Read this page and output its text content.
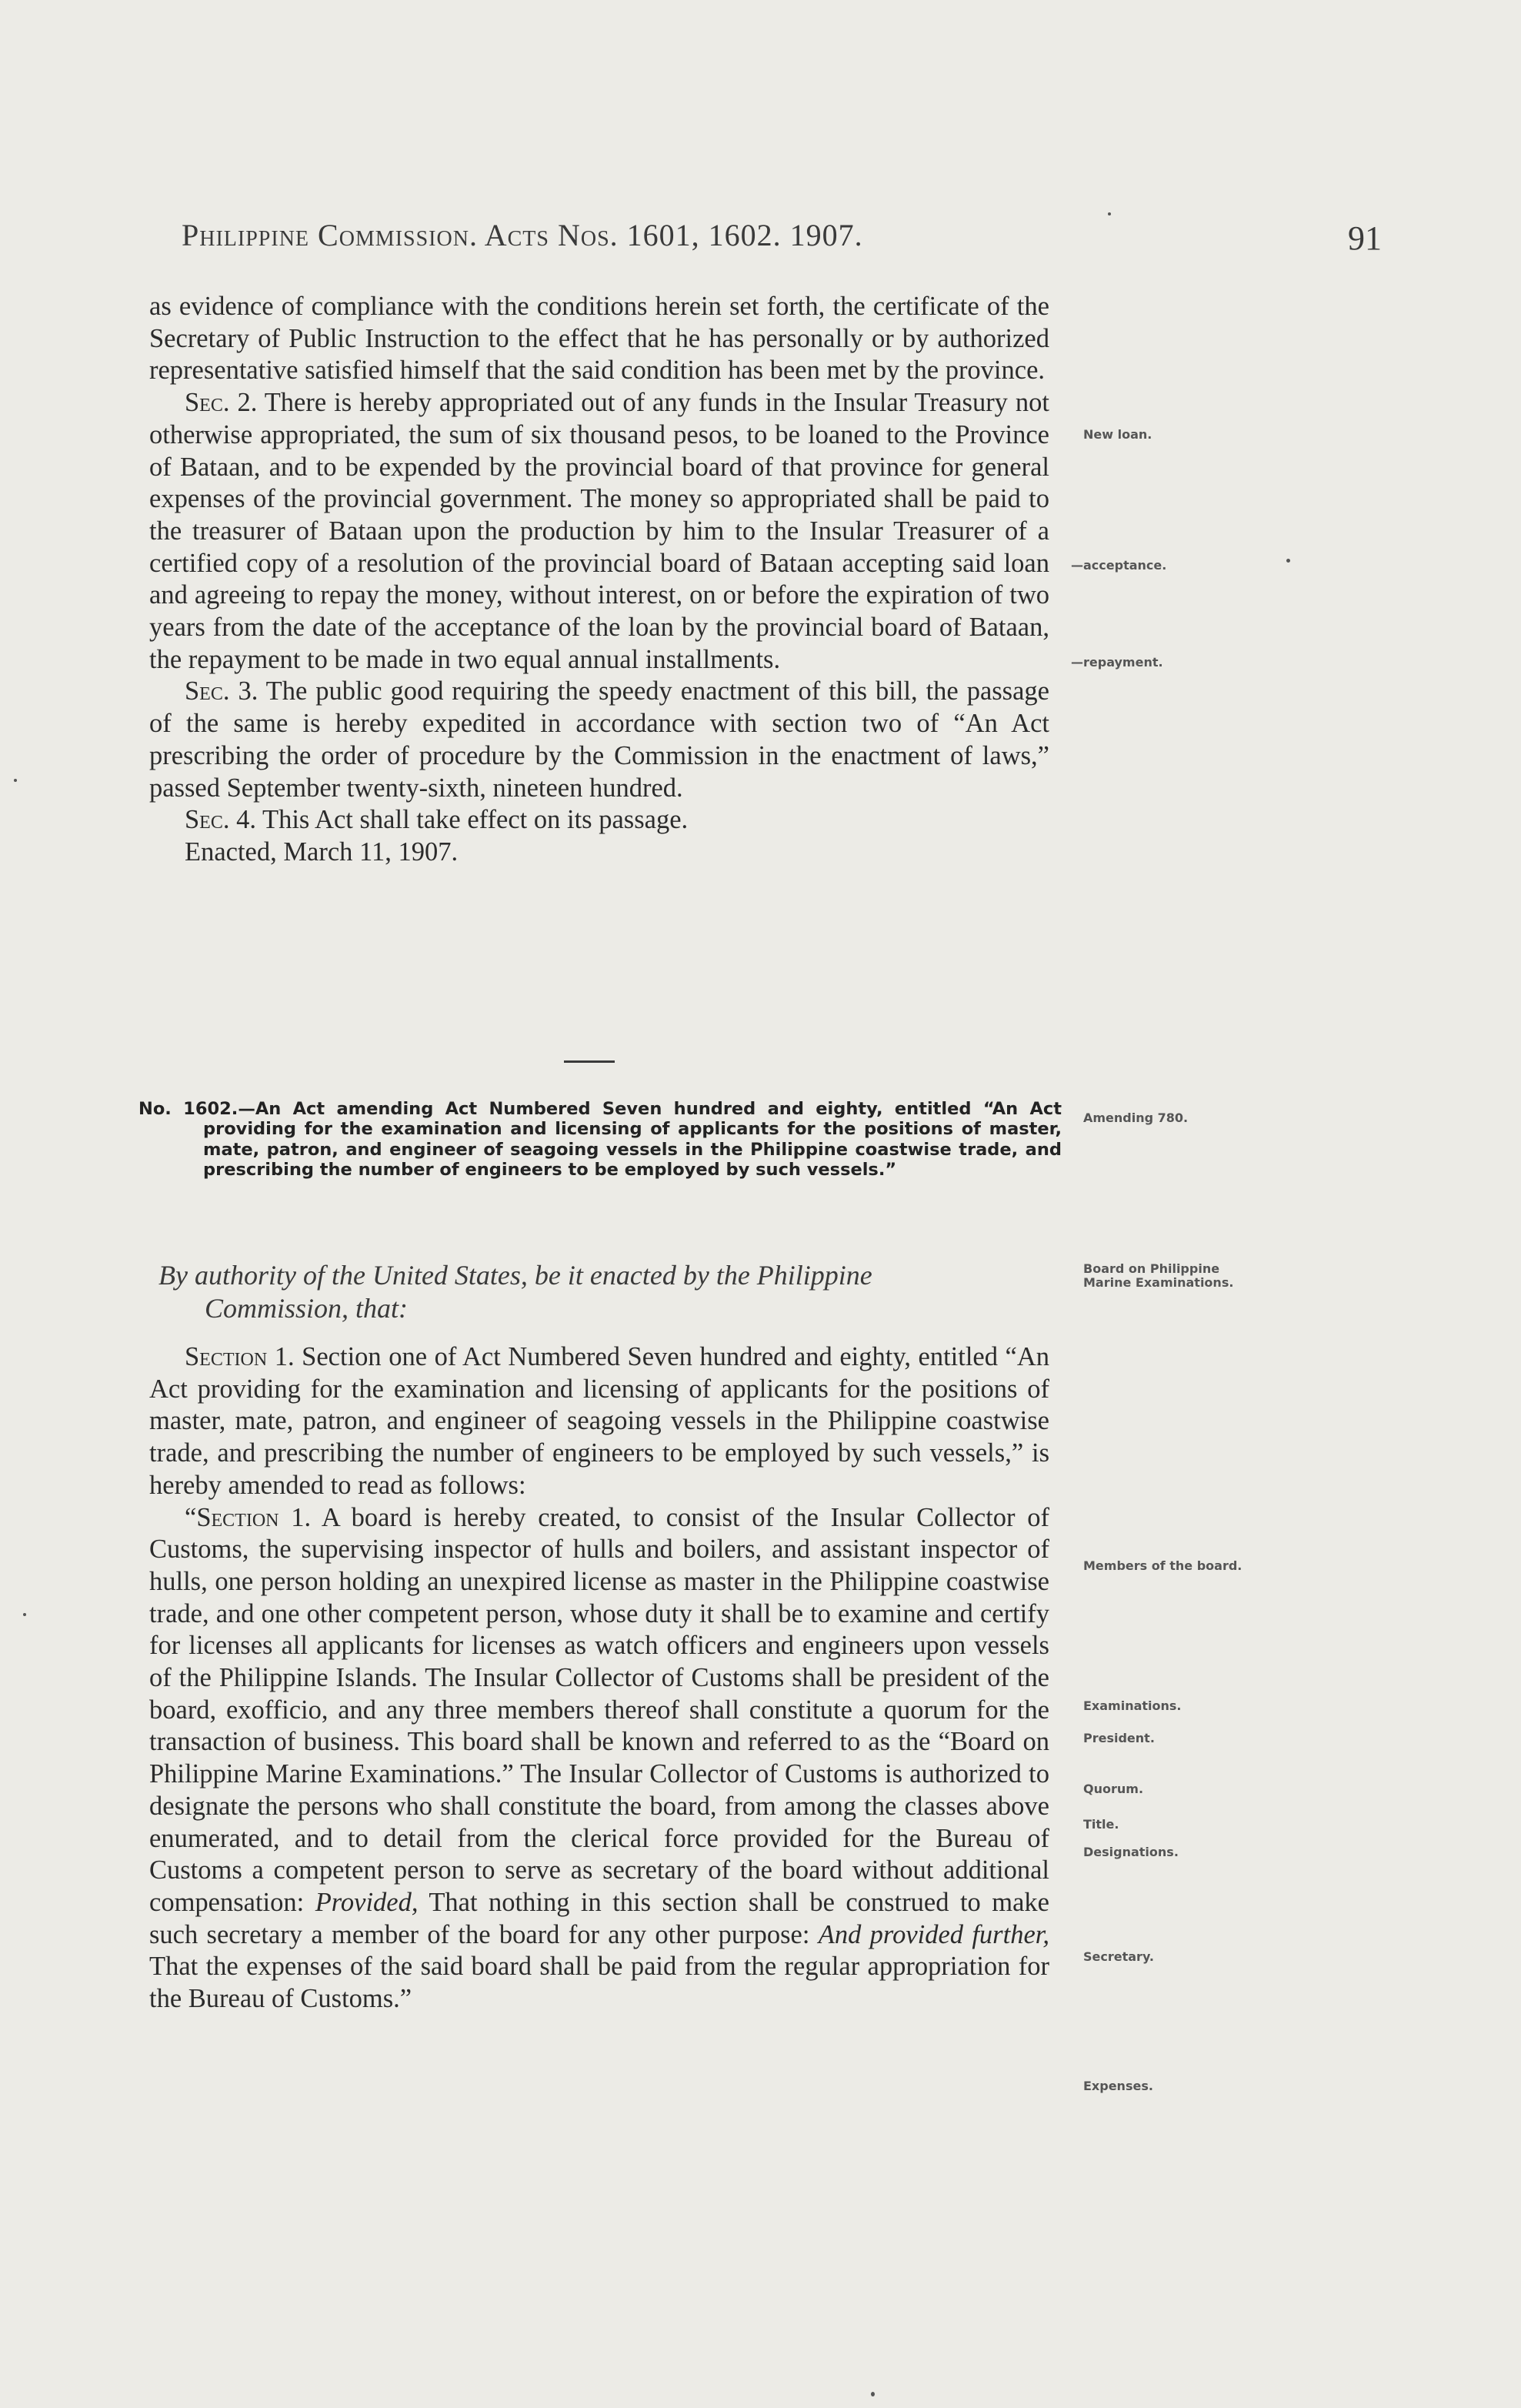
Philippine Commission. Acts Nos. 1601, 1602. 1907.	91

as evidence of compliance with the conditions herein set forth, the certificate of the Secretary of Public Instruction to the effect that he has personally or by authorized representative satisfied himself that the said condition has been met by the province.

Sec. 2. There is hereby appropriated out of any funds in the Insular Treasury not otherwise appropriated, the sum of six thousand pesos, to be loaned to the Province of Bataan, and to be expended by the provincial board of that province for general expenses of the provincial government. The money so appropriated shall be paid to the treasurer of Bataan upon the production by him to the Insular Treasurer of a certified copy of a resolution of the provincial board of Bataan accepting said loan and agreeing to repay the money, without interest, on or before the expiration of two years from the date of the acceptance of the loan by the provincial board of Bataan, the repayment to be made in two equal annual installments.

Sec. 3. The public good requiring the speedy enactment of this bill, the passage of the same is hereby expedited in accordance with section two of “An Act prescribing the order of procedure by the Commission in the enactment of laws,” passed September twenty-sixth, nineteen hundred.

Sec. 4. This Act shall take effect on its passage.

Enacted, March 11, 1907.

No. 1602.—An Act amending Act Numbered Seven hundred and eighty, entitled “An Act providing for the examination and licensing of applicants for the positions of master, mate, patron, and engineer of seagoing vessels in the Philippine coastwise trade, and prescribing the number of engineers to be employed by such vessels.”
By authority of the United States, be it enacted by the Philippine
Commission, that:

Section 1. Section one of Act Numbered Seven hundred and eighty, entitled “An Act providing for the examination and licensing of applicants for the positions of master, mate, patron, and engineer of seagoing vessels in the Philippine coastwise trade, and prescribing the number of engineers to be employed by such vessels,” is hereby amended to read as follows:

“Section 1. A board is hereby created, to consist of the Insular Collector of Customs, the supervising inspector of hulls and boilers, and assistant inspector of hulls, one person holding an unexpired license as master in the Philippine coastwise trade, and one other competent person, whose duty it shall be to examine and certify for licenses all applicants for licenses as watch officers and engineers upon vessels of the Philippine Islands. The Insular Collector of Customs shall be president of the board, exofficio, and any three members thereof shall constitute a quorum for the transaction of business. This board shall be known and referred to as the “Board on Philippine Marine Examinations.” The Insular Collector of Customs is authorized to designate the persons who shall constitute the board, from among the classes above enumerated, and to detail from the clerical force provided for the Bureau of Customs a competent person to serve as secretary of the board without additional compensation: Provided, That nothing in this section shall be construed to make such secretary a member of the board for any other purpose: And provided further, That the expenses of the said board shall be paid from the regular appropriation for the Bureau of Customs.”

New loan.
—acceptance.
—repayment.
Amending 780.
Board on Philippine Marine Examinations.
Members of the board.
Examinations.
President.
Quorum.
Title.
Designations.
Secretary.
Expenses.
